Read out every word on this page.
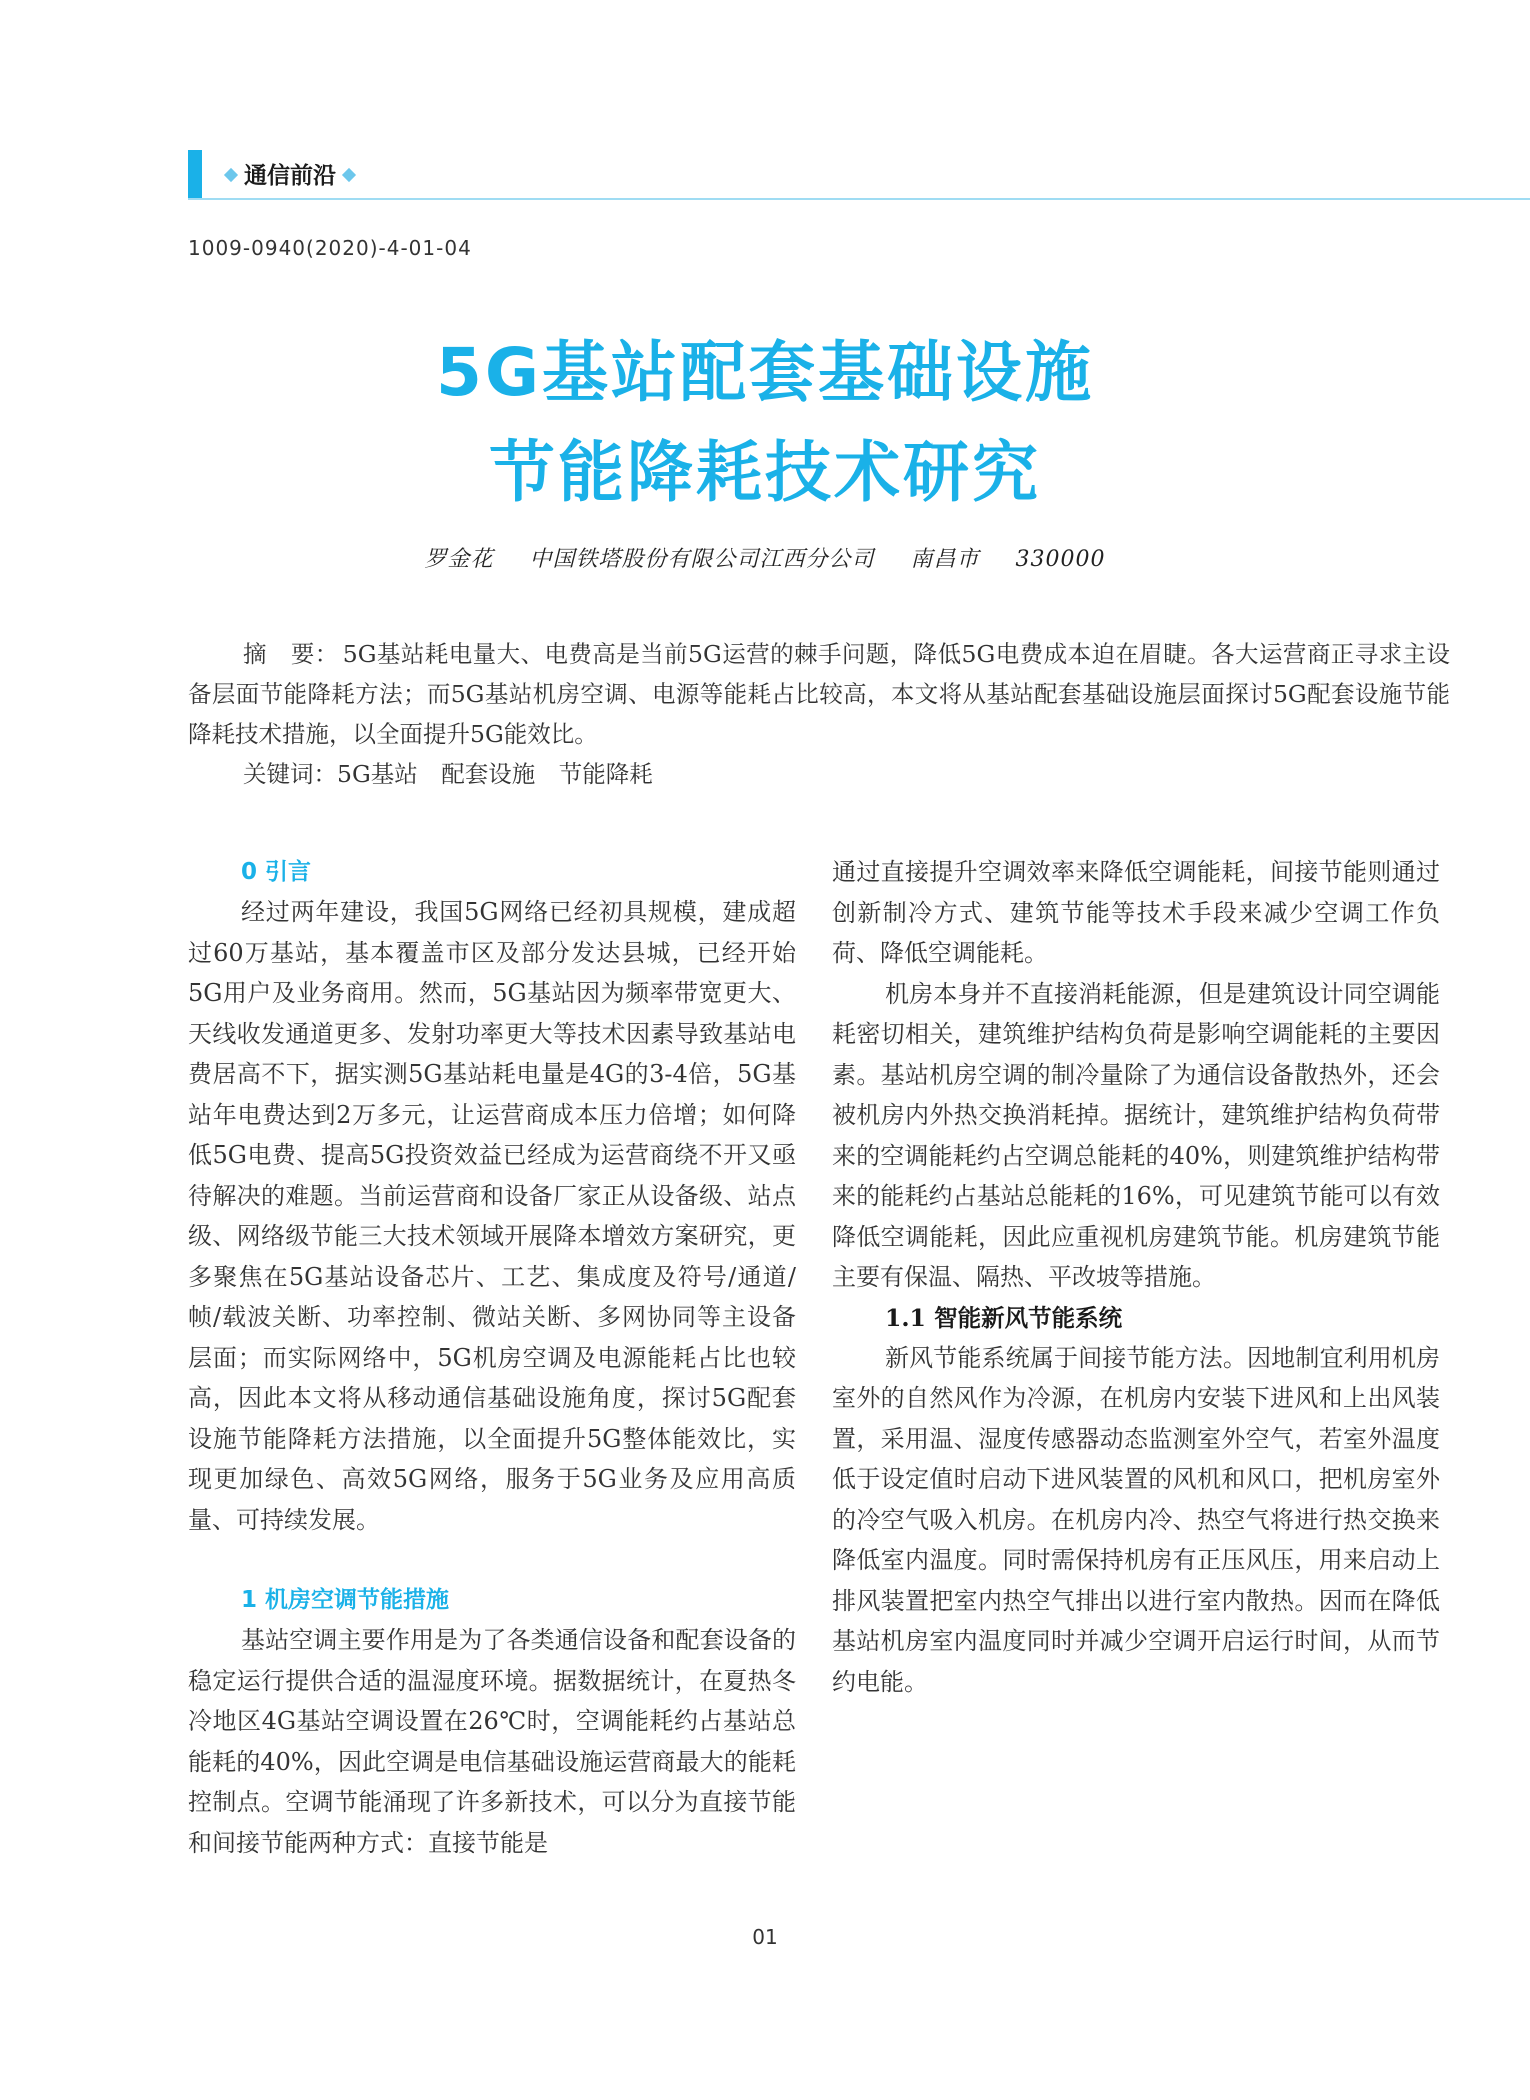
通信前沿
1009-0940(2020)-4-01-04
5G基站配套基础设施
节能降耗技术研究
罗金花 中国铁塔股份有限公司江西分公司 南昌市 330000

摘　要： 5G基站耗电量大、电费高是当前5G运营的棘手问题，降低5G电费成本迫在眉睫。各大运营商正寻求主设备层面节能降耗方法；而5G基站机房空调、电源等能耗占比较高，本文将从基站配套基础设施层面探讨5G配套设施节能降耗技术措施，以全面提升5G能效比。

关键词：5G基站　配套设施　节能降耗

0 引言

经过两年建设，我国5G网络已经初具规模，建成超过60万基站，基本覆盖市区及部分发达县城，已经开始5G用户及业务商用。然而，5G基站因为频率带宽更大、天线收发通道更多、发射功率更大等技术因素导致基站电费居高不下，据实测5G基站耗电量是4G的3-4倍，5G基站年电费达到2万多元，让运营商成本压力倍增；如何降低5G电费、提高5G投资效益已经成为运营商绕不开又亟待解决的难题。当前运营商和设备厂家正从设备级、站点级、网络级节能三大技术领域开展降本增效方案研究，更多聚焦在5G基站设备芯片、工艺、集成度及符号/通道/帧/载波关断、功率控制、微站关断、多网协同等主设备层面；而实际网络中，5G机房空调及电源能耗占比也较高，因此本文将从移动通信基础设施角度，探讨5G配套设施节能降耗方法措施，以全面提升5G整体能效比，实现更加绿色、高效5G网络，服务于5G业务及应用高质量、可持续发展。

1 机房空调节能措施

基站空调主要作用是为了各类通信设备和配套设备的稳定运行提供合适的温湿度环境。据数据统计，在夏热冬冷地区4G基站空调设置在26℃时，空调能耗约占基站总能耗的40%，因此空调是电信基础设施运营商最大的能耗控制点。空调节能涌现了许多新技术，可以分为直接节能和间接节能两种方式：直接节能是

通过直接提升空调效率来降低空调能耗，间接节能则通过创新制冷方式、建筑节能等技术手段来减少空调工作负荷、降低空调能耗。

机房本身并不直接消耗能源，但是建筑设计同空调能耗密切相关，建筑维护结构负荷是影响空调能耗的主要因素。基站机房空调的制冷量除了为通信设备散热外，还会被机房内外热交换消耗掉。据统计，建筑维护结构负荷带来的空调能耗约占空调总能耗的40%，则建筑维护结构带来的能耗约占基站总能耗的16%，可见建筑节能可以有效降低空调能耗，因此应重视机房建筑节能。机房建筑节能主要有保温、隔热、平改坡等措施。

1.1 智能新风节能系统

新风节能系统属于间接节能方法。因地制宜利用机房室外的自然风作为冷源，在机房内安装下进风和上出风装置，采用温、湿度传感器动态监测室外空气，若室外温度低于设定值时启动下进风装置的风机和风口，把机房室外的冷空气吸入机房。在机房内冷、热空气将进行热交换来降低室内温度。同时需保持机房有正压风压，用来启动上排风装置把室内热空气排出以进行室内散热。因而在降低基站机房室内温度同时并减少空调开启运行时间，从而节约电能。

01
